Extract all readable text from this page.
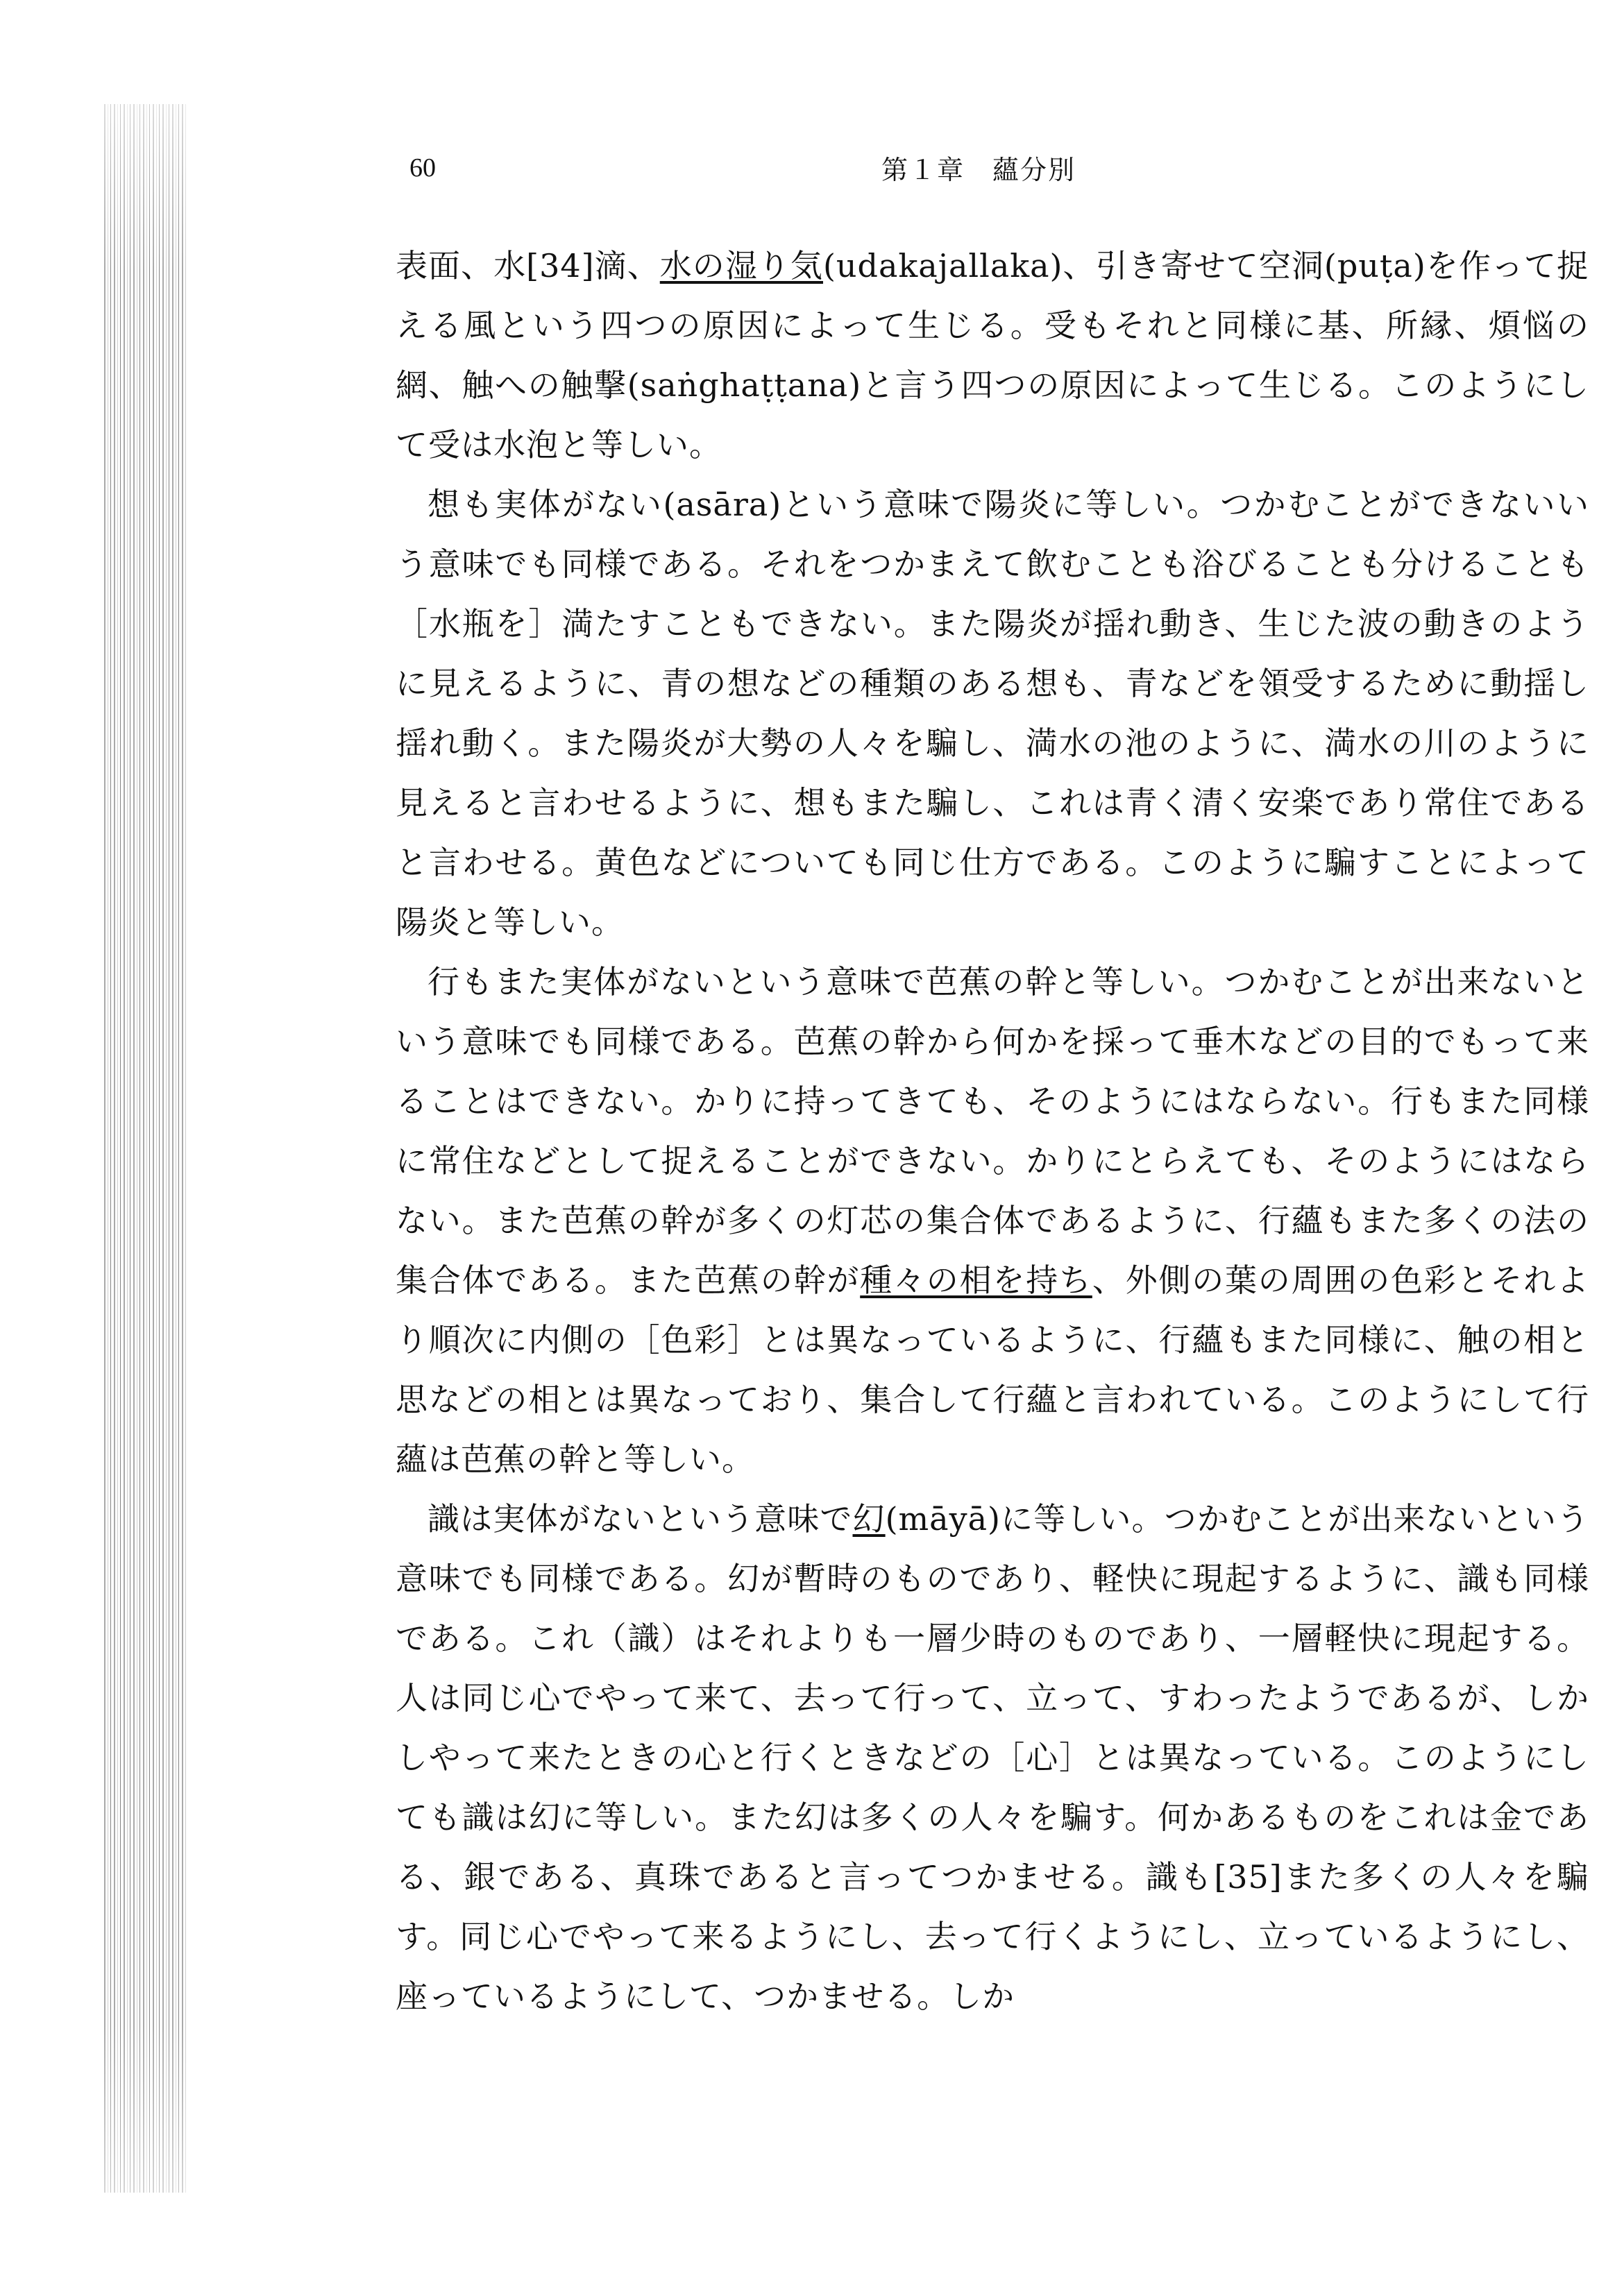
60	第１章　蘊分別

表面、水[34]滴、水の湿り気(udakajallaka)、引き寄せて空洞(puṭa)を作って捉える風という四つの原因によって生じる。受もそれと同様に基、所縁、煩悩の網、触への触撃(saṅghaṭṭana)と言う四つの原因によって生じる。このようにして受は水泡と等しい。

想も実体がない(asāra)という意味で陽炎に等しい。つかむことができないいう意味でも同様である。それをつかまえて飲むことも浴びることも分けることも［水瓶を］満たすこともできない。また陽炎が揺れ動き、生じた波の動きのように見えるように、青の想などの種類のある想も、青などを領受するために動揺し揺れ動く。また陽炎が大勢の人々を騙し、満水の池のように、満水の川のように見えると言わせるように、想もまた騙し、これは青く清く安楽であり常住であると言わせる。黄色などについても同じ仕方である。このように騙すことによって陽炎と等しい。

行もまた実体がないという意味で芭蕉の幹と等しい。つかむことが出来ないという意味でも同様である。芭蕉の幹から何かを採って垂木などの目的でもって来ることはできない。かりに持ってきても、そのようにはならない。行もまた同様に常住などとして捉えることができない。かりにとらえても、そのようにはならない。また芭蕉の幹が多くの灯芯の集合体であるように、行蘊もまた多くの法の集合体である。また芭蕉の幹が種々の相を持ち、外側の葉の周囲の色彩とそれより順次に内側の［色彩］とは異なっているように、行蘊もまた同様に、触の相と思などの相とは異なっており、集合して行蘊と言われている。このようにして行蘊は芭蕉の幹と等しい。

識は実体がないという意味で幻(māyā)に等しい。つかむことが出来ないという意味でも同様である。幻が暫時のものであり、軽快に現起するように、識も同様である。これ（識）はそれよりも一層少時のものであり、一層軽快に現起する。人は同じ心でやって来て、去って行って、立って、すわったようであるが、しかしやって来たときの心と行くときなどの［心］とは異なっている。このようにしても識は幻に等しい。また幻は多くの人々を騙す。何かあるものをこれは金である、銀である、真珠であると言ってつかませる。識も[35]また多くの人々を騙す。同じ心でやって来るようにし、去って行くようにし、立っているようにし、座っているようにして、つかませる。しか
